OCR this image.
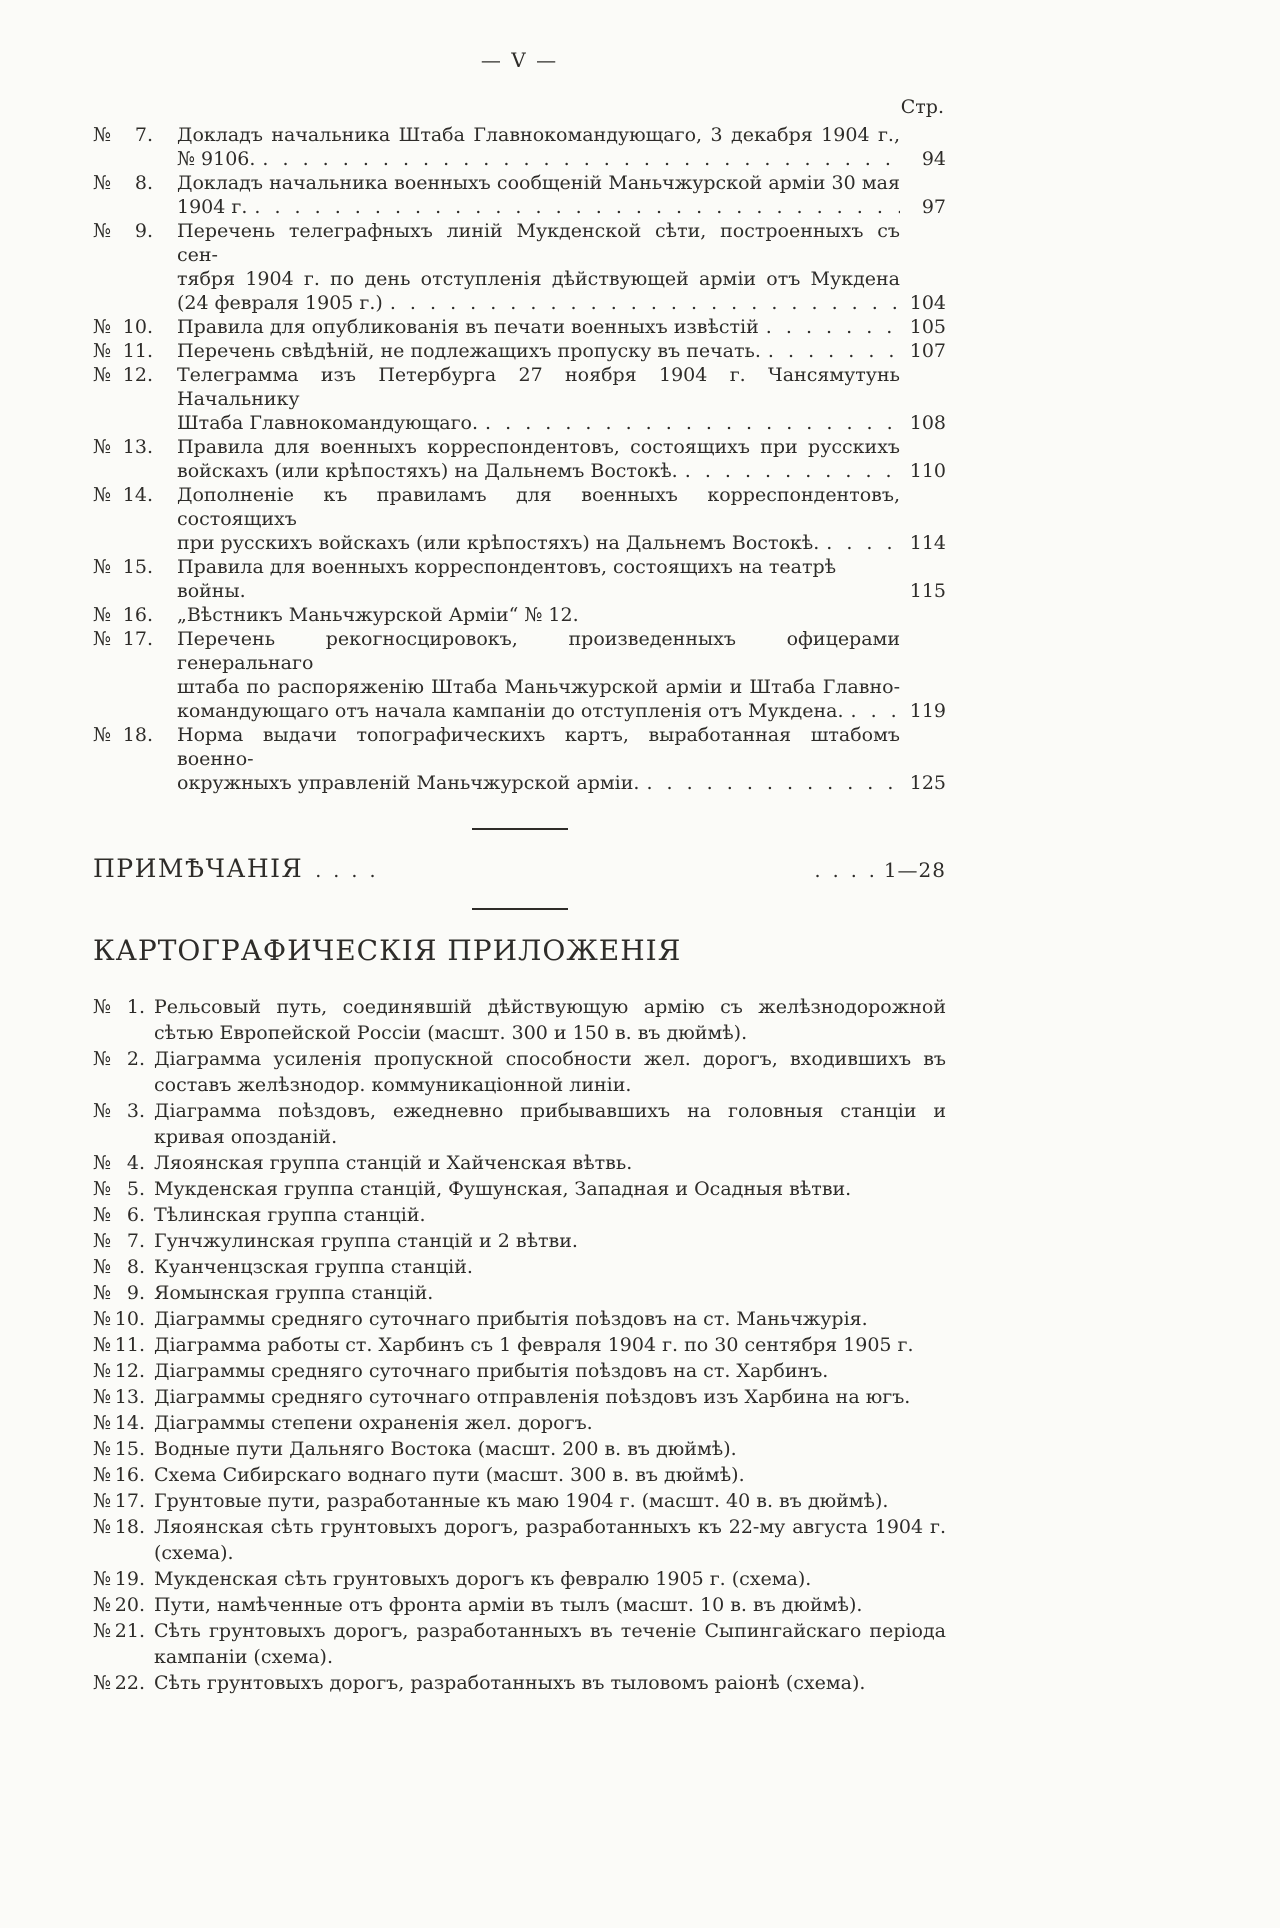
— V —
Стр.
№ 7. Докладъ начальника Штаба Главнокомандующаго, 3 декабря 1904 г.,
№ 9106. . . .	94
№ 8. Докладъ начальника военныхъ сообщеній Маньчжурской арміи 30 мая
1904 г. . . .	97
№ 9. Перечень телеграфныхъ линій Мукденской сѣти, построенныхъ съ сен-
тября 1904 г. по день отступленія дѣйствующей арміи отъ Мукдена
(24 февраля 1905 г.) . . .	104
№ 10. Правила для опубликованія въ печати военныхъ извѣстій . . .	105
№ 11. Перечень свѣдѣній, не подлежащихъ пропуску въ печать. . . .	107
№ 12. Телеграмма изъ Петербурга 27 ноября 1904 г. Чансямутунь Начальнику
Штаба Главнокомандующаго. . . .	108
№ 13. Правила для военныхъ корреспондентовъ, состоящихъ при русскихъ
войскахъ (или крѣпостяхъ) на Дальнемъ Востокѣ. . . .	110
№ 14. Дополненіе къ правиламъ для военныхъ корреспондентовъ, состоящихъ
при русскихъ войскахъ (или крѣпостяхъ) на Дальнемъ Востокѣ. . . .	114
№ 15. Правила для военныхъ корреспондентовъ, состоящихъ на театрѣ войны.	115
№ 16. „Вѣстникъ Маньчжурской Арміи“ № 12.
№ 17. Перечень рекогносцировокъ, произведенныхъ офицерами генеральнаго
штаба по распоряженію Штаба Маньчжурской арміи и Штаба Главно-
командующаго отъ начала кампаніи до отступленія отъ Мукдена. . . .	119
№ 18. Норма выдачи топографическихъ картъ, выработанная штабомъ военно-
окружныхъ управленій Маньчжурской арміи. . . .	125
ПРИМѢЧАНІЯ . . . .	. . . . 1—28
КАРТОГРАФИЧЕСКІЯ ПРИЛОЖЕНІЯ
№ 1. Рельсовый путь, соединявшій дѣйствующую армію съ желѣзнодорожной сѣтью Европейской Россіи (масшт. 300 и 150 в. въ дюймѣ).
№ 2. Діаграмма усиленія пропускной способности жел. дорогъ, входившихъ въ составъ желѣзнодор. коммуникаціонной линіи.
№ 3. Діаграмма поѣздовъ, ежедневно прибывавшихъ на головныя станціи и кривая опозданій.
№ 4. Ляоянская группа станцій и Хайченская вѣтвь.
№ 5. Мукденская группа станцій, Фушунская, Западная и Осадныя вѣтви.
№ 6. Тѣлинская группа станцій.
№ 7. Гунчжулинская группа станцій и 2 вѣтви.
№ 8. Куанченцзская группа станцій.
№ 9. Яомынская группа станцій.
№ 10. Діаграммы средняго суточнаго прибытія поѣздовъ на ст. Маньчжурія.
№ 11. Діаграмма работы ст. Харбинъ съ 1 февраля 1904 г. по 30 сентября 1905 г.
№ 12. Діаграммы средняго суточнаго прибытія поѣздовъ на ст. Харбинъ.
№ 13. Діаграммы средняго суточнаго отправленія поѣздовъ изъ Харбина на югъ.
№ 14. Діаграммы степени охраненія жел. дорогъ.
№ 15. Водные пути Дальняго Востока (масшт. 200 в. въ дюймѣ).
№ 16. Схема Сибирскаго воднаго пути (масшт. 300 в. въ дюймѣ).
№ 17. Грунтовые пути, разработанные къ маю 1904 г. (масшт. 40 в. въ дюймѣ).
№ 18. Ляоянская сѣть грунтовыхъ дорогъ, разработанныхъ къ 22-му августа 1904 г. (схема).
№ 19. Мукденская сѣть грунтовыхъ дорогъ къ февралю 1905 г. (схема).
№ 20. Пути, намѣченные отъ фронта арміи въ тылъ (масшт. 10 в. въ дюймѣ).
№ 21. Сѣть грунтовыхъ дорогъ, разработанныхъ въ теченіе Сыпингайскаго періода кампаніи (схема).
№ 22. Сѣть грунтовыхъ дорогъ, разработанныхъ въ тыловомъ раіонѣ (схема).
